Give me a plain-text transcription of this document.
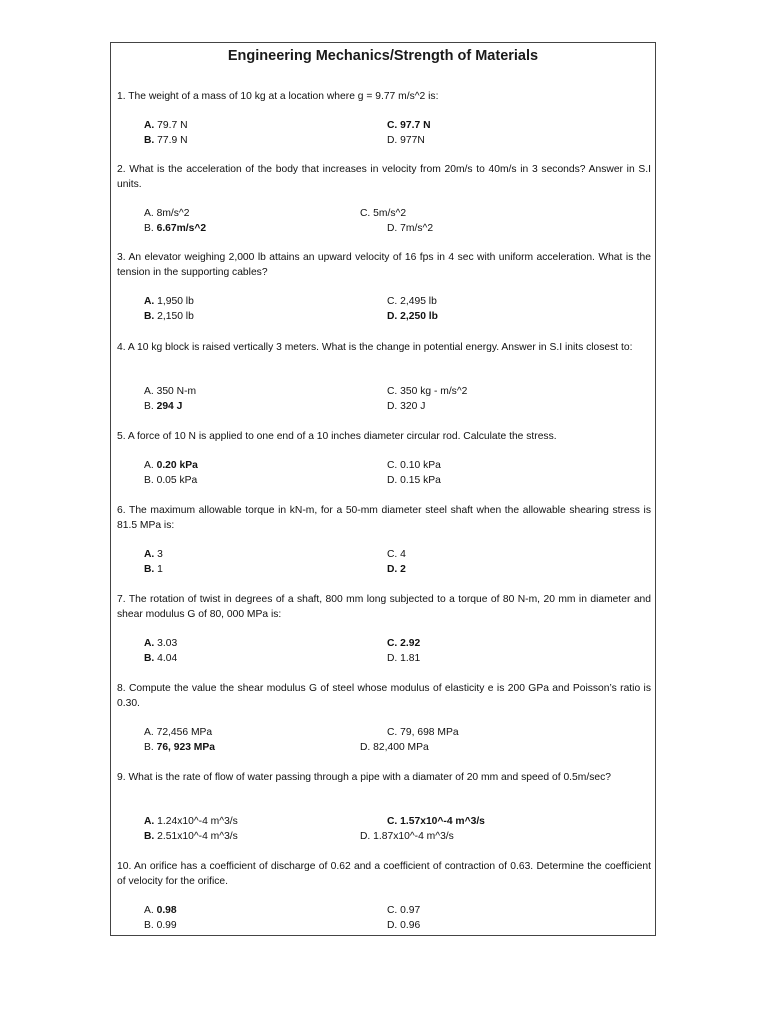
Engineering Mechanics/Strength of Materials
1. The weight of a mass of 10 kg at a location where g = 9.77 m/s^2 is:
A. 79.7 N	C. 97.7 N
B. 77.9 N	D. 977N
2. What is the acceleration of the body that increases in velocity from 20m/s to 40m/s in 3 seconds? Answer in S.I units.
A. 8m/s^2	C. 5m/s^2
B. 6.67m/s^2	D. 7m/s^2
3. An elevator weighing 2,000 lb attains an upward velocity of 16 fps in 4 sec with uniform acceleration. What is the tension in the supporting cables?
A. 1,950 lb	C. 2,495 lb
B. 2,150 lb	D. 2,250 lb
4. A 10 kg block is raised vertically 3 meters. What is the change in potential energy. Answer in S.I inits closest to:
A. 350 N-m	C. 350 kg - m/s^2
B. 294 J	D. 320 J
5. A force of 10 N is applied to one end of a 10 inches diameter circular rod. Calculate the stress.
A. 0.20 kPa	C. 0.10 kPa
B. 0.05 kPa	D. 0.15 kPa
6. The maximum allowable torque in kN-m, for a 50-mm diameter steel shaft when the allowable shearing stress is 81.5 MPa is:
A. 3	C. 4
B. 1	D. 2
7. The rotation of twist in degrees of a shaft, 800 mm long subjected to a torque of 80 N-m, 20 mm in diameter and shear modulus G of 80, 000 MPa is:
A. 3.03	C. 2.92
B. 4.04	D. 1.81
8. Compute the value the shear modulus G of steel whose modulus of elasticity e is 200 GPa and Poisson’s ratio is 0.30.
A. 72,456 MPa	C. 79, 698 MPa
B. 76, 923 MPa	D. 82,400 MPa
9. What is the rate of flow of water passing through a pipe with a diamater of 20 mm and speed of 0.5m/sec?
A. 1.24x10^-4 m^3/s	C. 1.57x10^-4 m^3/s
B. 2.51x10^-4 m^3/s	D. 1.87x10^-4 m^3/s
10. An orifice has a coefficient of discharge of 0.62 and a coefficient of contraction of 0.63. Determine the coefficient of velocity for the orifice.
A. 0.98	C. 0.97
B. 0.99	D. 0.96
